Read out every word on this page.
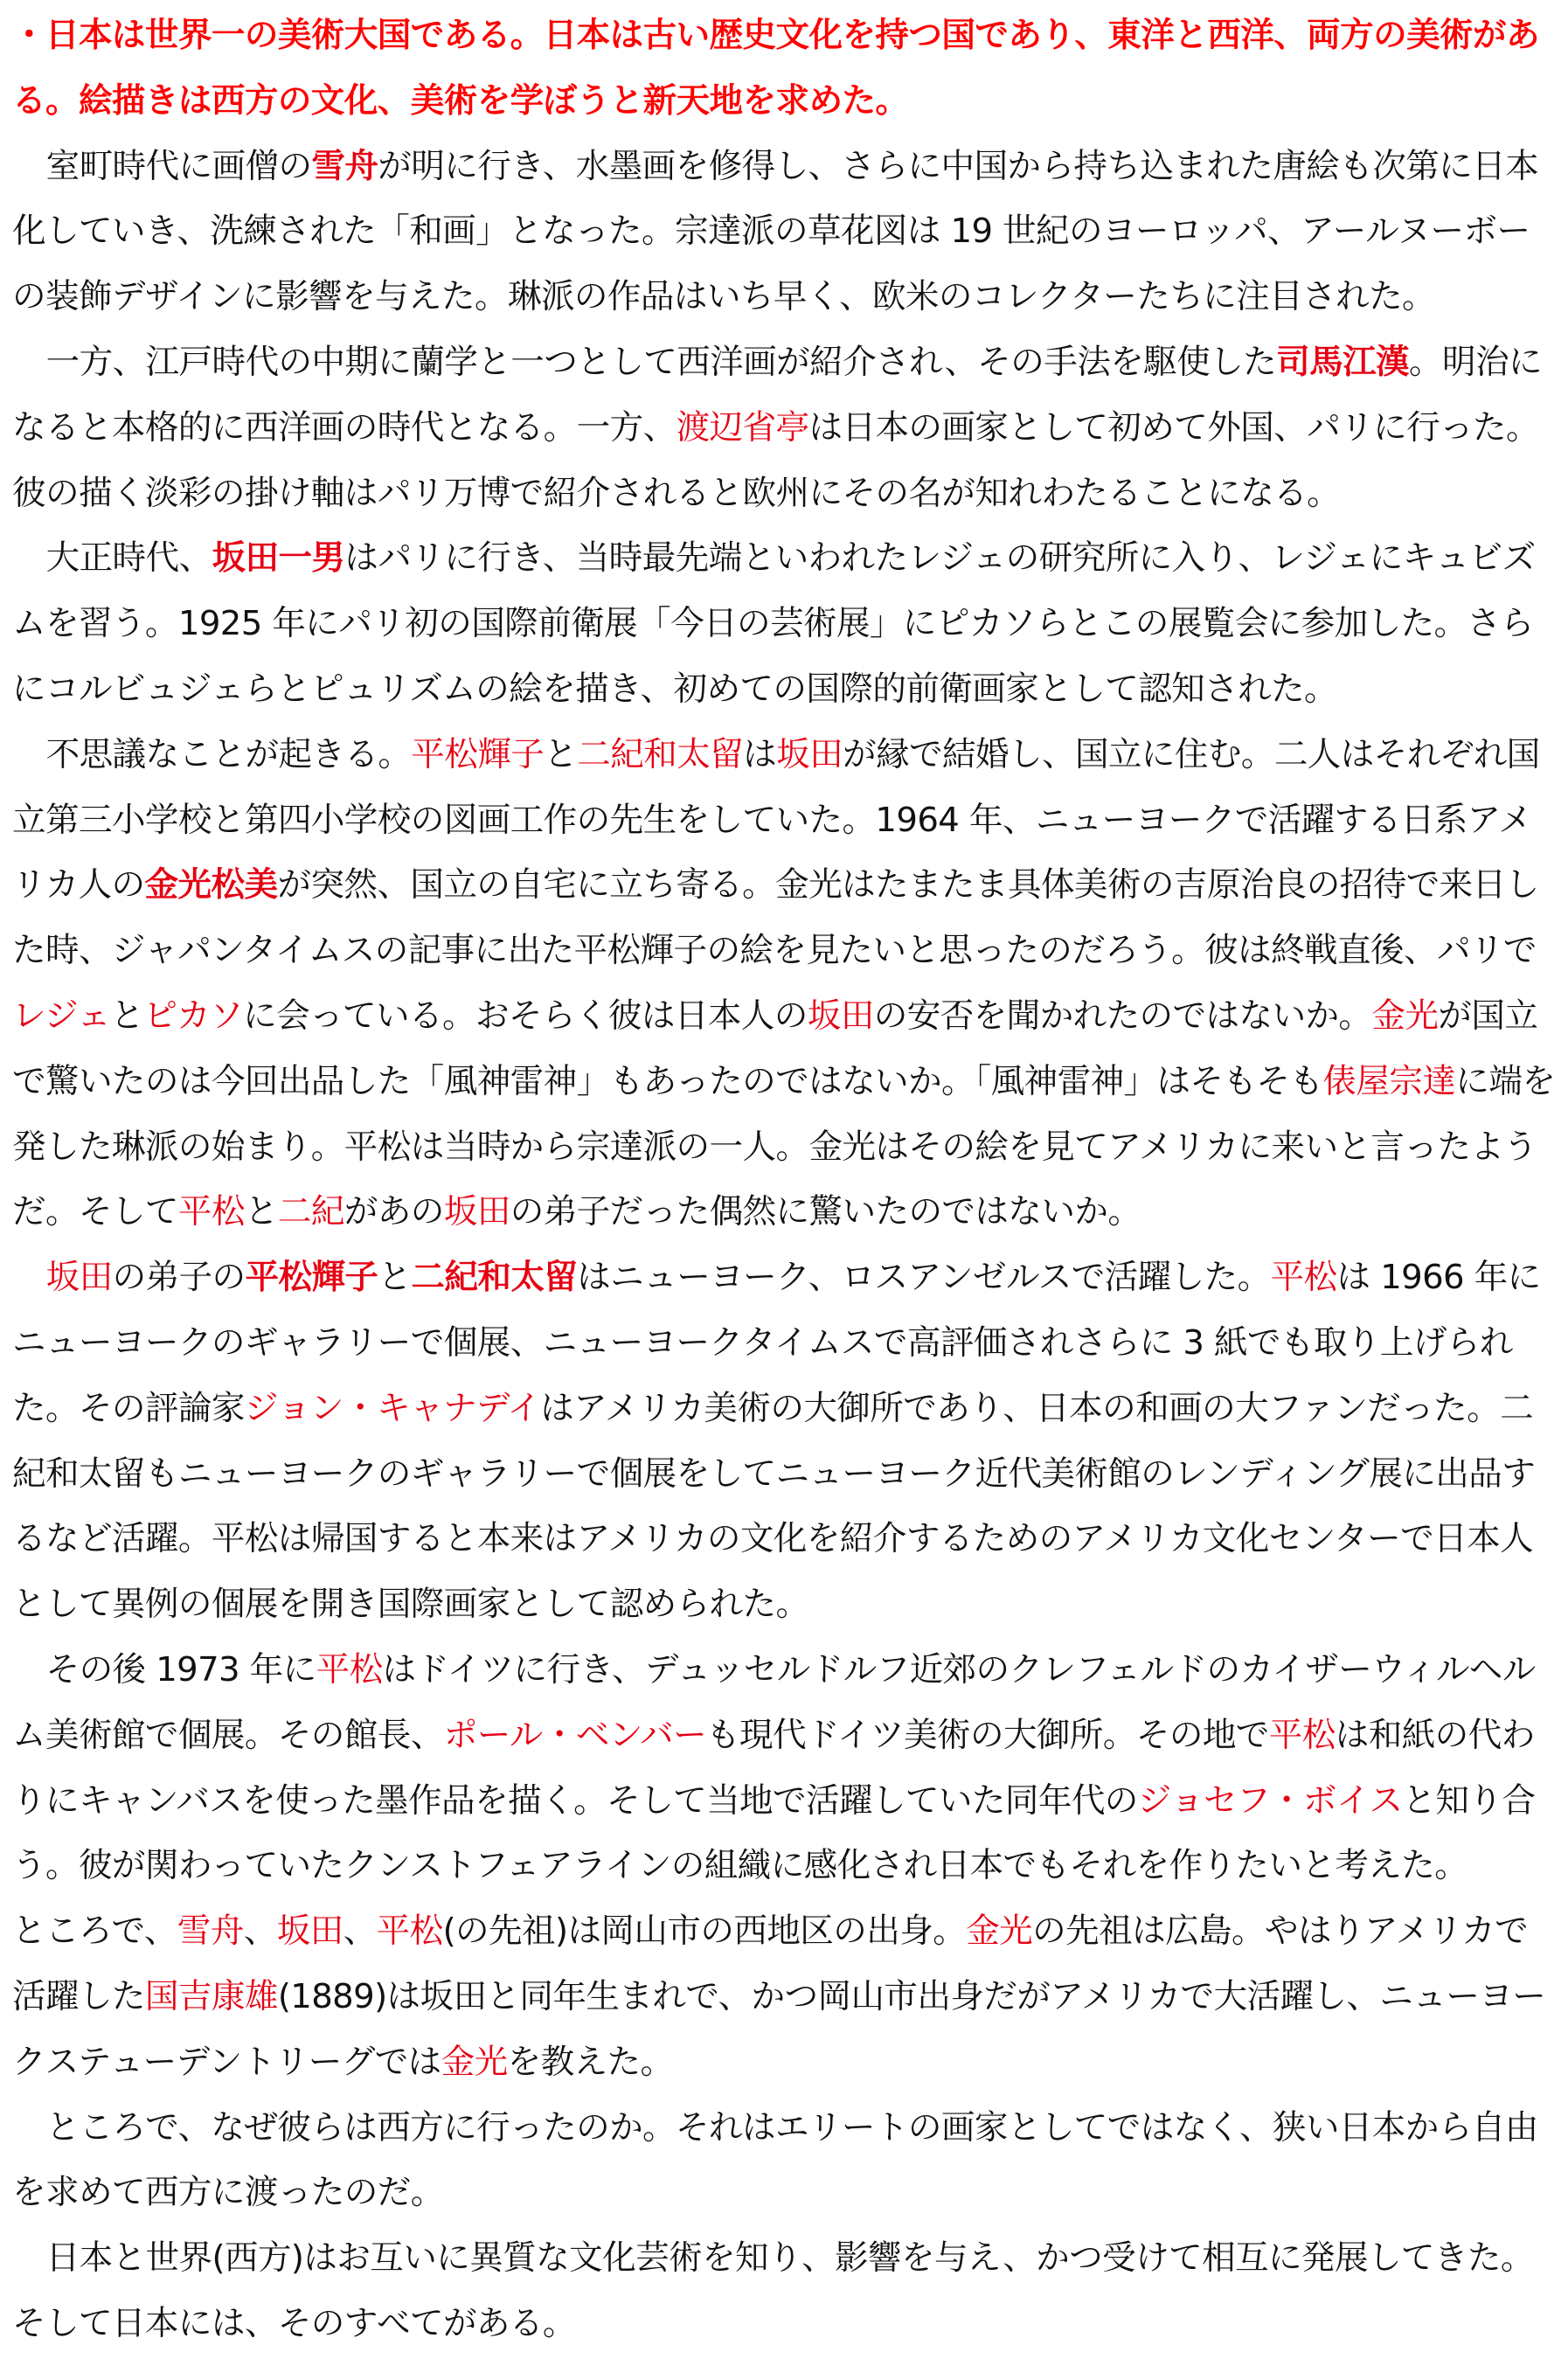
・日本は世界一の美術大国である。日本は古い歴史文化を持つ国であり、東洋と西洋、両方の美術がある。絵描きは西方の文化、美術を学ぼうと新天地を求めた。

室町時代に画僧の雪舟が明に行き、水墨画を修得し、さらに中国から持ち込まれた唐絵も次第に日本化していき、洗練された「和画」となった。宗達派の草花図は 19 世紀のヨーロッパ、アールヌーボーの装飾デザインに影響を与えた。琳派の作品はいち早く、欧米のコレクターたちに注目された。

一方、江戸時代の中期に蘭学と一つとして西洋画が紹介され、その手法を駆使した司馬江漢。明治になると本格的に西洋画の時代となる。一方、渡辺省亭は日本の画家として初めて外国、パリに行った。彼の描く淡彩の掛け軸はパリ万博で紹介されると欧州にその名が知れわたることになる。

大正時代、坂田一男はパリに行き、当時最先端といわれたレジェの研究所に入り、レジェにキュビズムを習う。1925 年にパリ初の国際前衛展「今日の芸術展」にピカソらとこの展覧会に参加した。さらにコルビュジェらとピュリズムの絵を描き、初めての国際的前衛画家として認知された。

不思議なことが起きる。平松輝子と二紀和太留は坂田が縁で結婚し、国立に住む。二人はそれぞれ国立第三小学校と第四小学校の図画工作の先生をしていた。1964 年、ニューヨークで活躍する日系アメリカ人の金光松美が突然、国立の自宅に立ち寄る。金光はたまたま具体美術の吉原治良の招待で来日した時、ジャパンタイムスの記事に出た平松輝子の絵を見たいと思ったのだろう。彼は終戦直後、パリでレジェとピカソに会っている。おそらく彼は日本人の坂田の安否を聞かれたのではないか。金光が国立で驚いたのは今回出品した「風神雷神」もあったのではないか。「風神雷神」はそもそも俵屋宗達に端を発した琳派の始まり。平松は当時から宗達派の一人。金光はその絵を見てアメリカに来いと言ったようだ。そして平松と二紀があの坂田の弟子だった偶然に驚いたのではないか。

坂田の弟子の平松輝子と二紀和太留はニューヨーク、ロスアンゼルスで活躍した。平松は 1966 年にニューヨークのギャラリーで個展、ニューヨークタイムスで高評価されさらに 3 紙でも取り上げられた。その評論家ジョン・キャナデイはアメリカ美術の大御所であり、日本の和画の大ファンだった。二紀和太留もニューヨークのギャラリーで個展をしてニューヨーク近代美術館のレンディング展に出品するなど活躍。平松は帰国すると本来はアメリカの文化を紹介するためのアメリカ文化センターで日本人として異例の個展を開き国際画家として認められた。

その後 1973 年に平松はドイツに行き、デュッセルドルフ近郊のクレフェルドのカイザーウィルヘルム美術館で個展。その館長、ポール・ベンバーも現代ドイツ美術の大御所。その地で平松は和紙の代わりにキャンバスを使った墨作品を描く。そして当地で活躍していた同年代のジョセフ・ボイスと知り合う。彼が関わっていたクンストフェアラインの組織に感化され日本でもそれを作りたいと考えた。

ところで、雪舟、坂田、平松(の先祖)は岡山市の西地区の出身。金光の先祖は広島。やはりアメリカで活躍した国吉康雄(1889)は坂田と同年生まれで、かつ岡山市出身だがアメリカで大活躍し、ニューヨークステューデントリーグでは金光を教えた。

ところで、なぜ彼らは西方に行ったのか。それはエリートの画家としてではなく、狭い日本から自由を求めて西方に渡ったのだ。

日本と世界(西方)はお互いに異質な文化芸術を知り、影響を与え、かつ受けて相互に発展してきた。そして日本には、そのすべてがある。
